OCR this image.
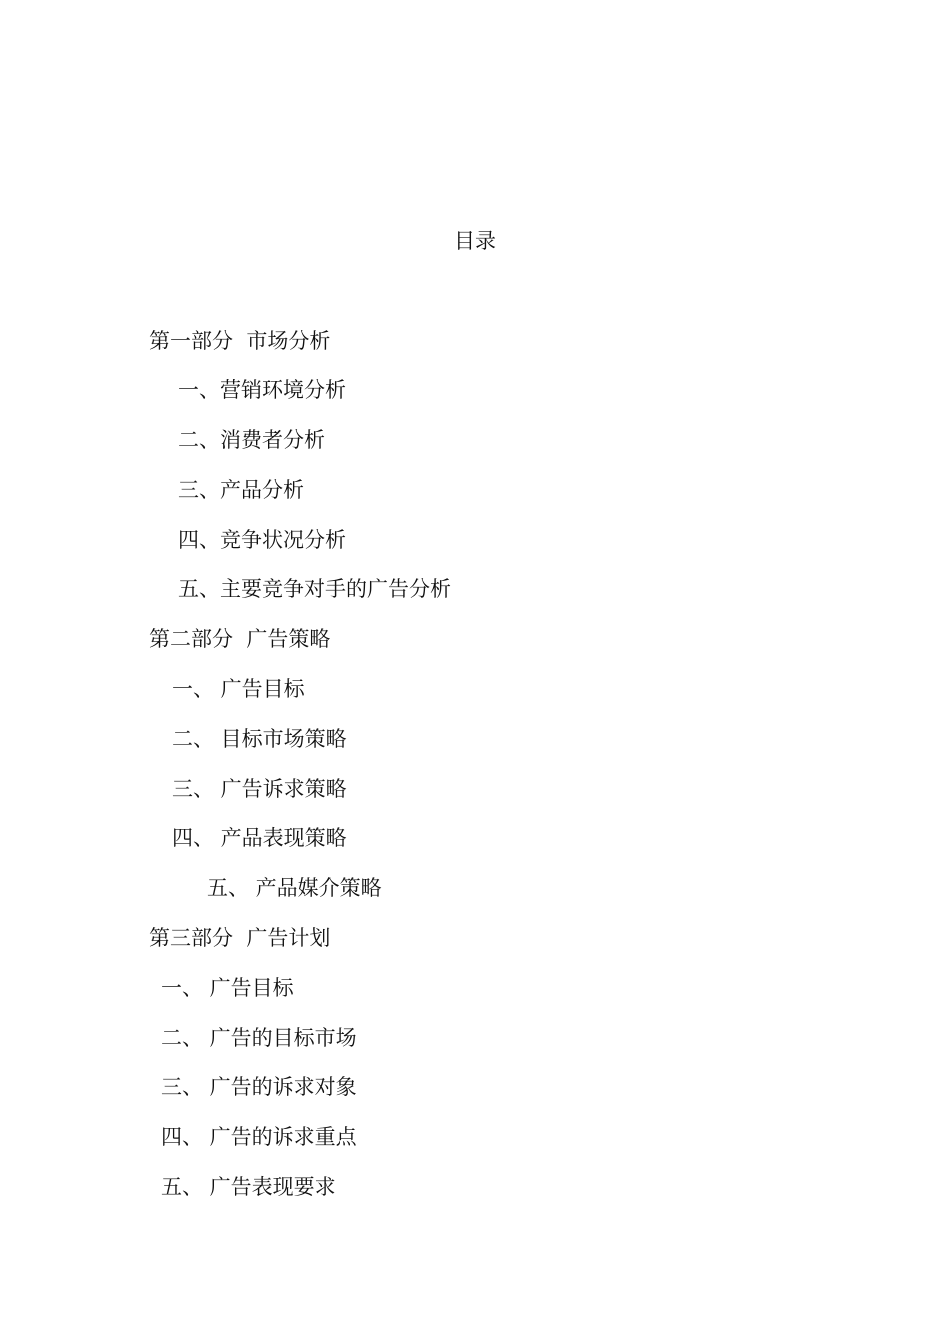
目录
第一部分  市场分析
一、营销环境分析
二、消费者分析
三、产品分析
四、竞争状况分析
五、主要竞争对手的广告分析
第二部分  广告策略
一、 广告目标
二、 目标市场策略
三、 广告诉求策略
四、 产品表现策略
五、 产品媒介策略
第三部分  广告计划
一、 广告目标
二、 广告的目标市场
三、 广告的诉求对象
四、 广告的诉求重点
五、 广告表现要求
